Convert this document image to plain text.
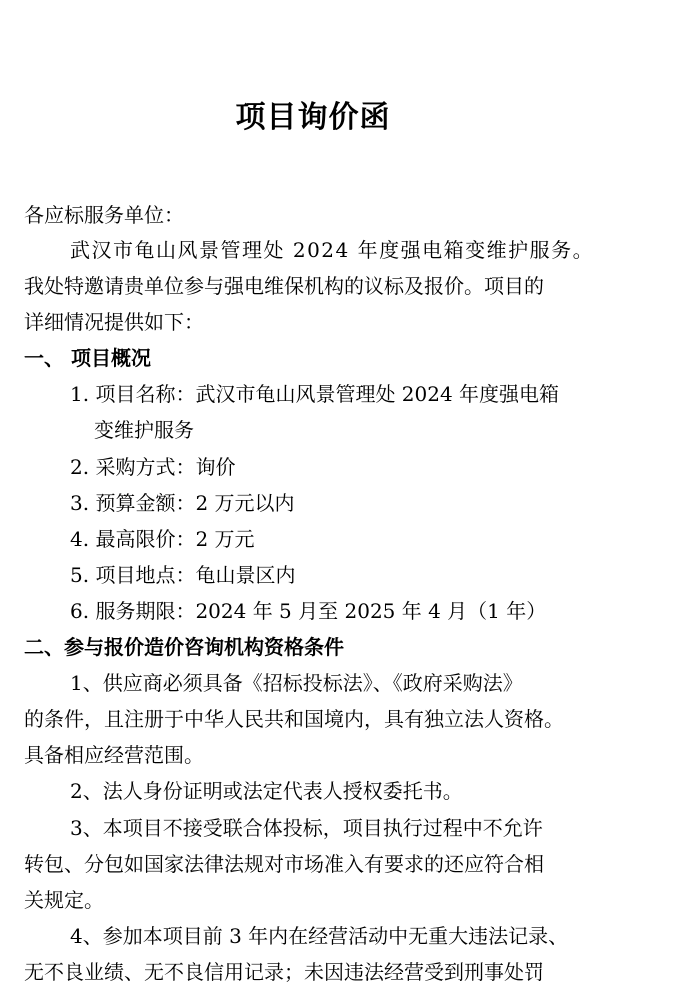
项目询价函
各应标服务单位：
武汉市龟山风景管理处 2024 年度强电箱变维护服务。
我处特邀请贵单位参与强电维保机构的议标及报价。项目的
详细情况提供如下：
一、 项目概况
1. 项目名称：武汉市龟山风景管理处 2024 年度强电箱
变维护服务
2. 采购方式：询价
3. 预算金额：2 万元以内
4. 最高限价：2 万元
5. 项目地点：龟山景区内
6. 服务期限：2024 年 5 月至 2025 年 4 月（1 年）
二、参与报价造价咨询机构资格条件
1、供应商必须具备《招标投标法》、《政府采购法》
的条件，且注册于中华人民共和国境内，具有独立法人资格。
具备相应经营范围。
2、法人身份证明或法定代表人授权委托书。
3、本项目不接受联合体投标，项目执行过程中不允许
转包、分包如国家法律法规对市场准入有要求的还应符合相
关规定。
4、参加本项目前 3 年内在经营活动中无重大违法记录、
无不良业绩、无不良信用记录；未因违法经营受到刑事处罚
